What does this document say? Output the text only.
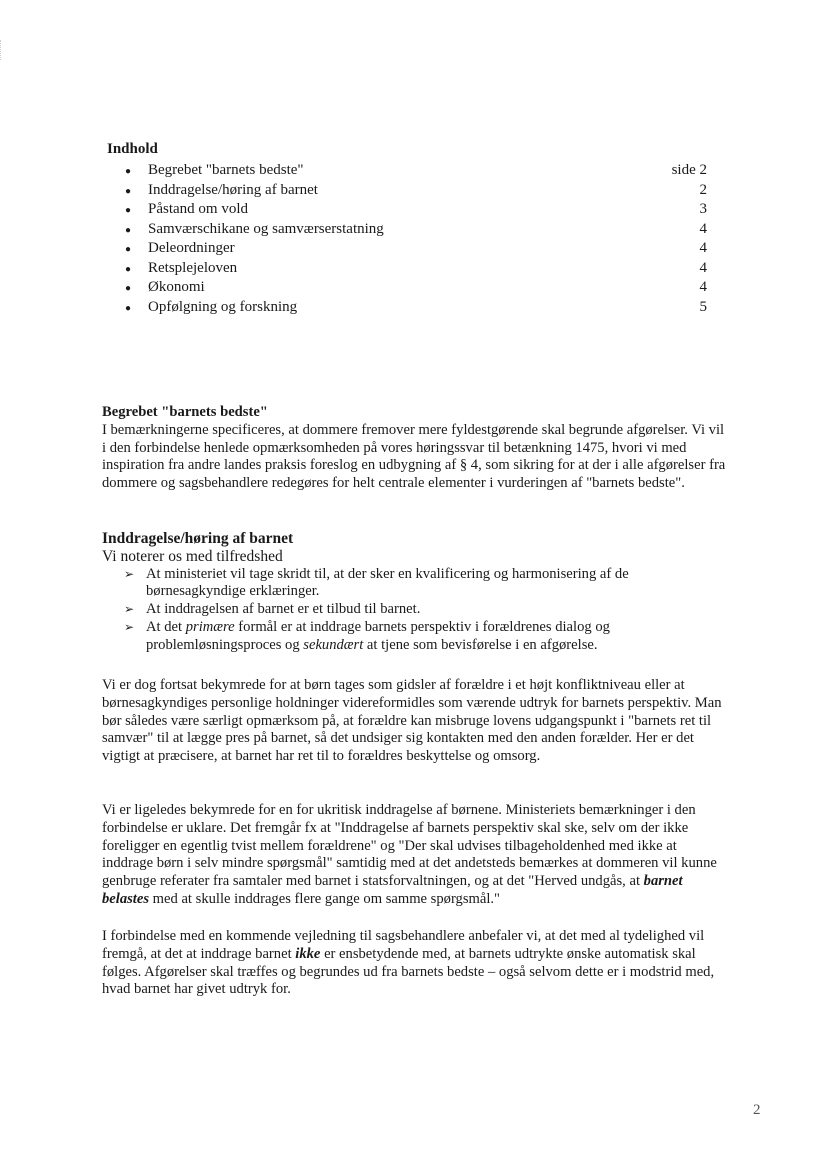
Indhold
●	Begrebet "barnets bedste"	side 2
●	Inddragelse/høring af barnet	2
●	Påstand om vold	3
●	Samværschikane og samværserstatning	4
●	Deleordninger	4
●	Retsplejeloven	4
●	Økonomi	4
●	Opfølgning og forskning	5

Begrebet "barnets bedste"

I bemærkningerne specificeres, at dommere fremover mere fyldestgørende skal begrunde afgørelser. Vi vil i den forbindelse henlede opmærksomheden på vores høringssvar til betænkning 1475, hvori vi med inspiration fra andre landes praksis foreslog en udbygning af § 4, som sikring for at der i alle afgørelser fra dommere og sagsbehandlere redegøres for helt centrale elementer i vurderingen af "barnets bedste".

Inddragelse/høring af barnet

Vi noterer os med tilfredshed

➢ At ministeriet vil tage skridt til, at der sker en kvalificering og harmonisering af de børnesagkyndige erklæringer.
➢ At inddragelsen af barnet er et tilbud til barnet.
➢ At det primære formål er at inddrage barnets perspektiv i forældrenes dialog og problemløsningsproces og sekundært at tjene som bevisførelse i en afgørelse.

Vi er dog fortsat bekymrede for at børn tages som gidsler af forældre i et højt konfliktniveau eller at børnesagkyndiges personlige holdninger videreformidles som værende udtryk for barnets perspektiv. Man bør således være særligt opmærksom på, at forældre kan misbruge lovens udgangspunkt i "barnets ret til samvær" til at lægge pres på barnet, så det undsiger sig kontakten med den anden forælder. Her er det vigtigt at præcisere, at barnet har ret til to forældres beskyttelse og omsorg.

Vi er ligeledes bekymrede for en for ukritisk inddragelse af børnene. Ministeriets bemærkninger i den forbindelse er uklare. Det fremgår fx at "Inddragelse af barnets perspektiv skal ske, selv om der ikke foreligger en egentlig tvist mellem forældrene" og "Der skal udvises tilbageholdenhed med ikke at inddrage børn i selv mindre spørgsmål" samtidig med at det andetsteds bemærkes at dommeren vil kunne genbruge referater fra samtaler med barnet i statsforvaltningen, og at det "Herved undgås, at barnet belastes med at skulle inddrages flere gange om samme spørgsmål."

I forbindelse med en kommende vejledning til sagsbehandlere anbefaler vi, at det med al tydelighed vil fremgå, at det at inddrage barnet ikke er ensbetydende med, at barnets udtrykte ønske automatisk skal følges. Afgørelser skal træffes og begrundes ud fra barnets bedste – også selvom dette er i modstrid med, hvad barnet har givet udtryk for.

2
